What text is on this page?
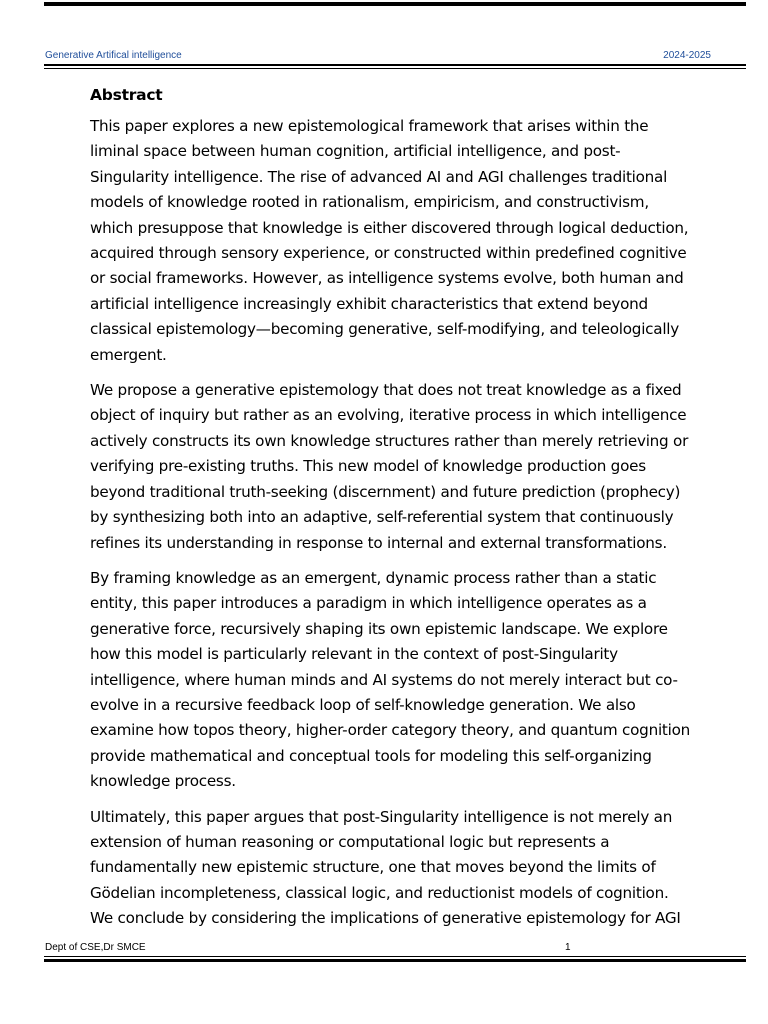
Generative Artifical intelligence	2024-2025
Abstract

This paper explores a new epistemological framework that arises within the liminal space between human cognition, artificial intelligence, and post-Singularity intelligence. The rise of advanced AI and AGI challenges traditional models of knowledge rooted in rationalism, empiricism, and constructivism, which presuppose that knowledge is either discovered through logical deduction, acquired through sensory experience, or constructed within predefined cognitive or social frameworks. However, as intelligence systems evolve, both human and artificial intelligence increasingly exhibit characteristics that extend beyond classical epistemology—becoming generative, self-modifying, and teleologically emergent.

We propose a generative epistemology that does not treat knowledge as a fixed object of inquiry but rather as an evolving, iterative process in which intelligence actively constructs its own knowledge structures rather than merely retrieving or verifying pre-existing truths. This new model of knowledge production goes beyond traditional truth-seeking (discernment) and future prediction (prophecy) by synthesizing both into an adaptive, self-referential system that continuously refines its understanding in response to internal and external transformations.

By framing knowledge as an emergent, dynamic process rather than a static entity, this paper introduces a paradigm in which intelligence operates as a generative force, recursively shaping its own epistemic landscape. We explore how this model is particularly relevant in the context of post-Singularity intelligence, where human minds and AI systems do not merely interact but co-evolve in a recursive feedback loop of self-knowledge generation. We also examine how topos theory, higher-order category theory, and quantum cognition provide mathematical and conceptual tools for modeling this self-organizing knowledge process.

Ultimately, this paper argues that post-Singularity intelligence is not merely an extension of human reasoning or computational logic but represents a fundamentally new epistemic structure, one that moves beyond the limits of Gödelian incompleteness, classical logic, and reductionist models of cognition. We conclude by considering the implications of generative epistemology for AGI

Dept of CSE,Dr SMCE	1
